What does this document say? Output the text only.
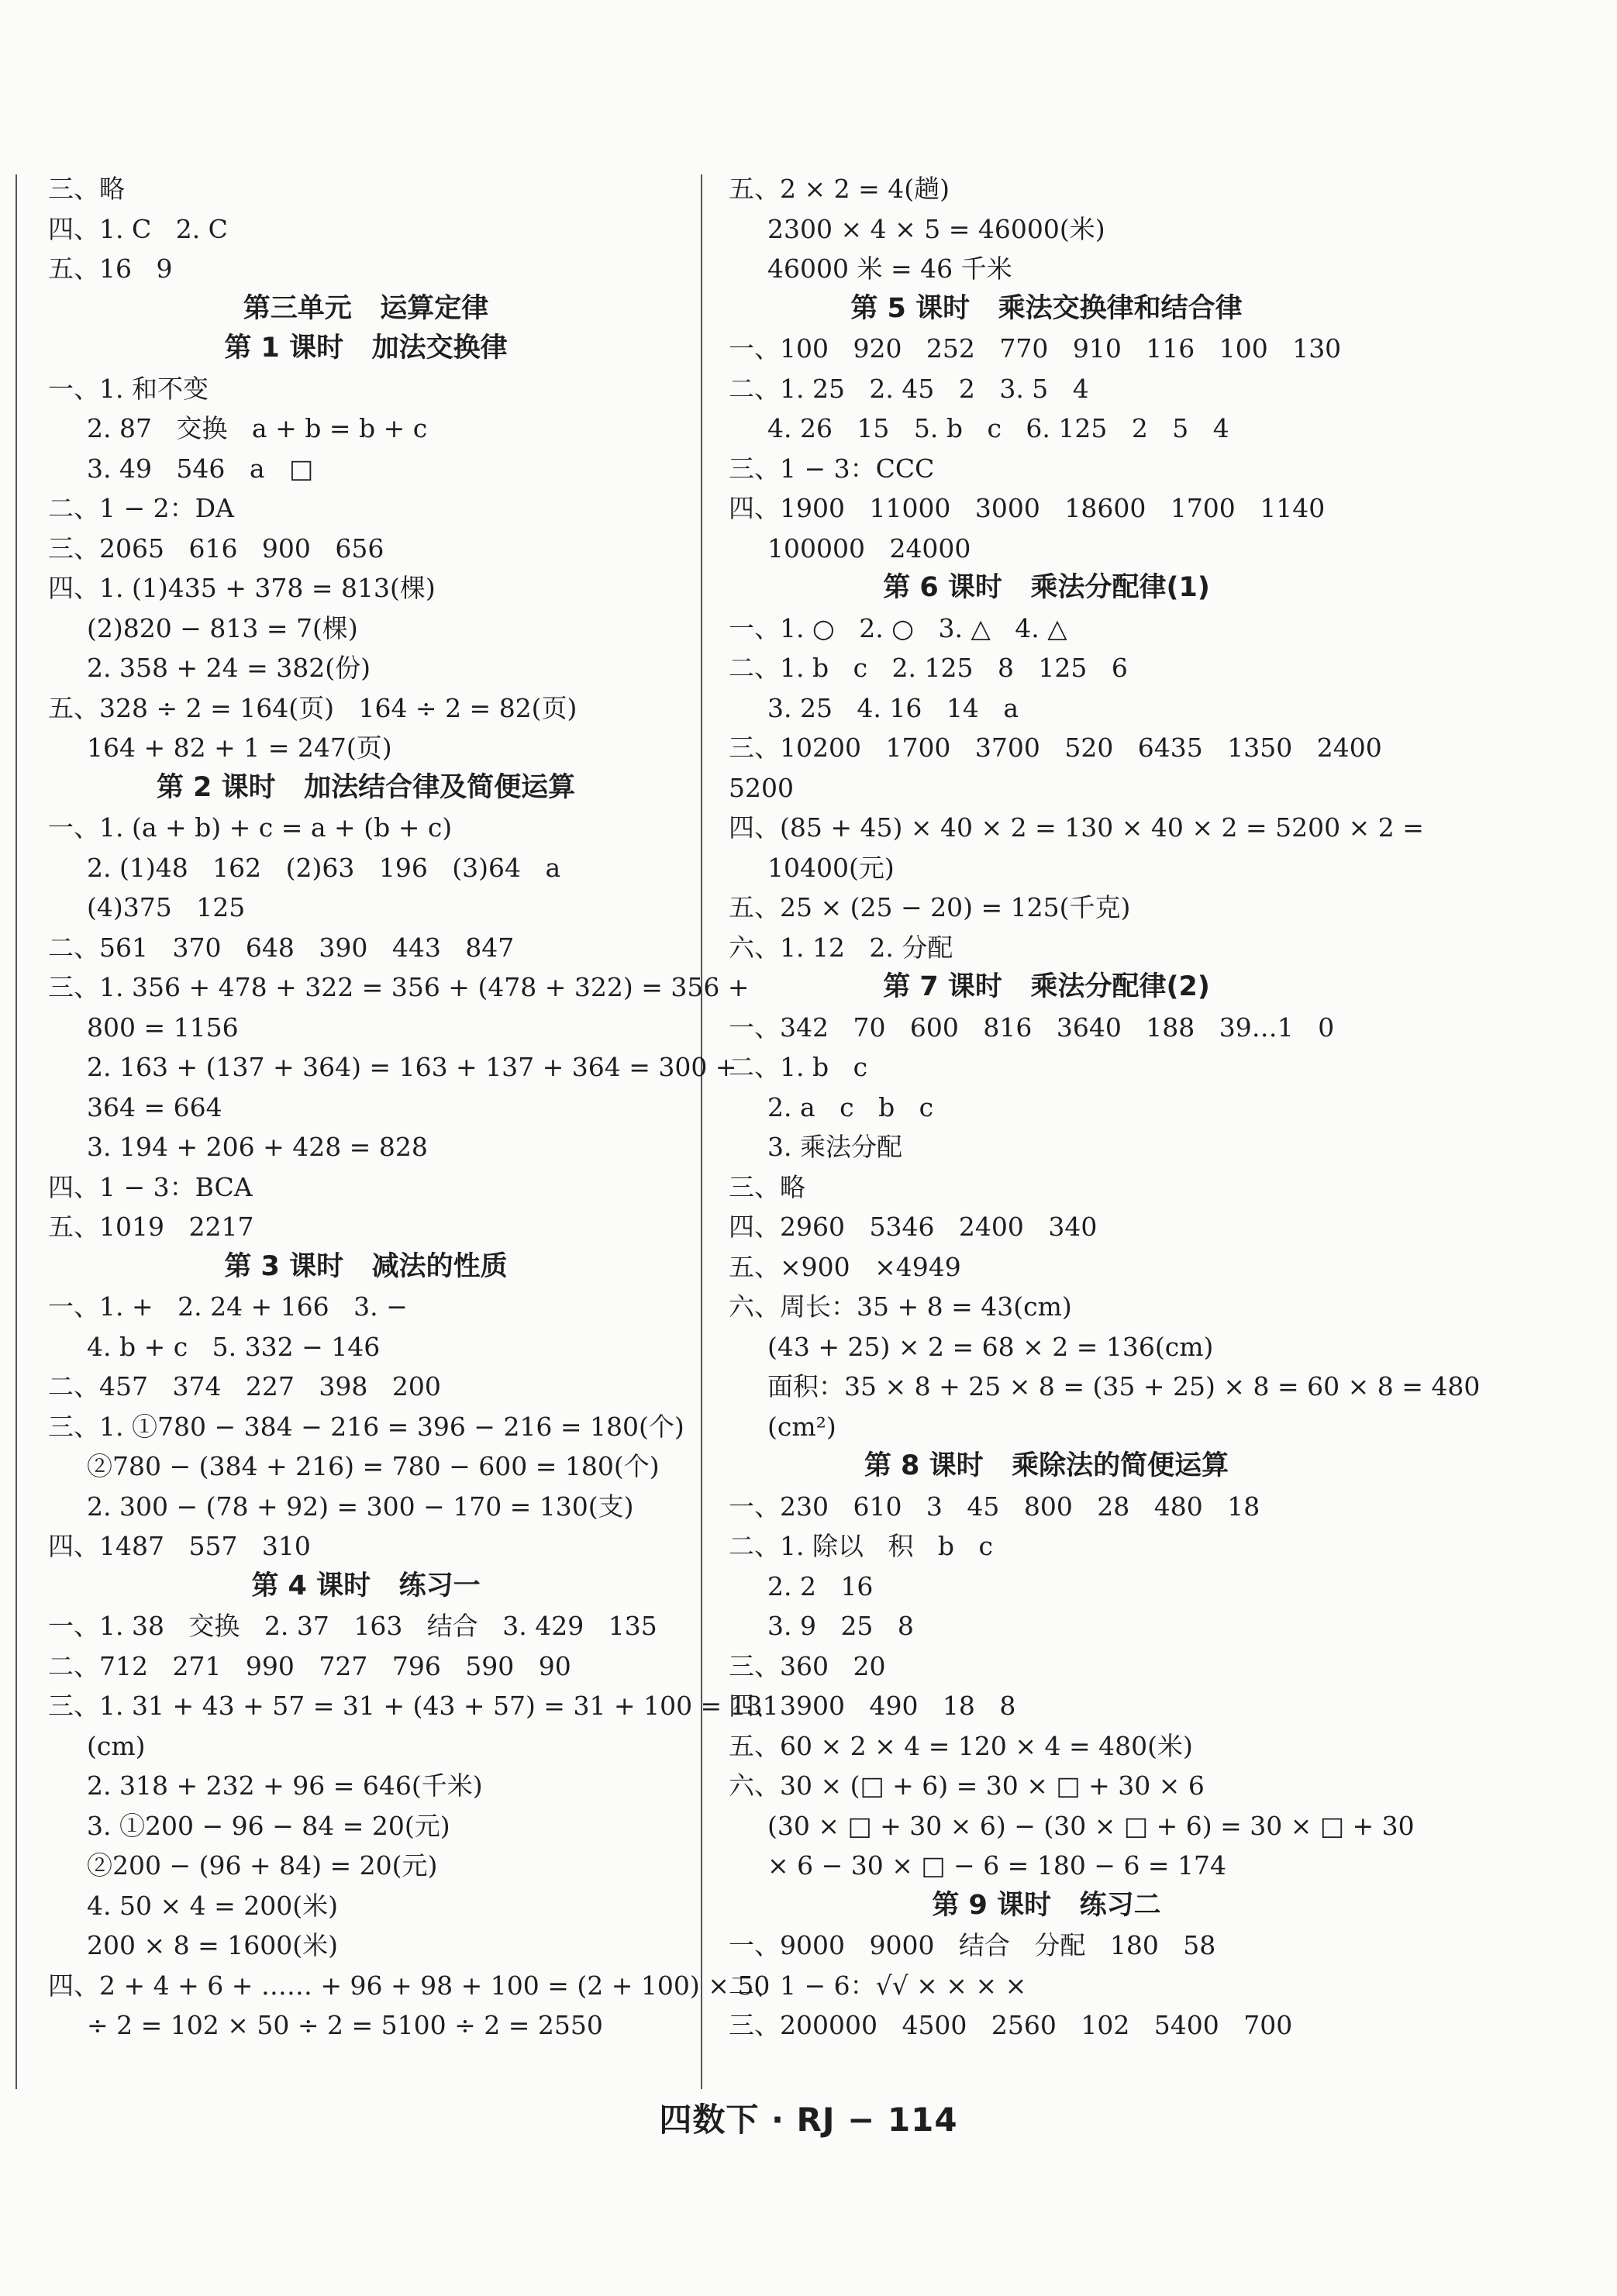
三、略
四、1. C   2. C
五、16   9
第三单元   运算定律
第 1 课时   加法交换律
一、1. 和不变
2. 87   交换   a + b = b + c
3. 49   546   a   □
二、1 − 2：DA
三、2065   616   900   656
四、1. (1)435 + 378 = 813(棵)
(2)820 − 813 = 7(棵)
2. 358 + 24 = 382(份)
五、328 ÷ 2 = 164(页)   164 ÷ 2 = 82(页)
164 + 82 + 1 = 247(页)
第 2 课时   加法结合律及简便运算
一、1. (a + b) + c = a + (b + c)
2. (1)48   162   (2)63   196   (3)64   a
(4)375   125
二、561   370   648   390   443   847
三、1. 356 + 478 + 322 = 356 + (478 + 322) = 356 +
800 = 1156
2. 163 + (137 + 364) = 163 + 137 + 364 = 300 +
364 = 664
3. 194 + 206 + 428 = 828
四、1 − 3：BCA
五、1019   2217
第 3 课时   减法的性质
一、1. +   2. 24 + 166   3. −
4. b + c   5. 332 − 146
二、457   374   227   398   200
三、1. ①780 − 384 − 216 = 396 − 216 = 180(个)
②780 − (384 + 216) = 780 − 600 = 180(个)
2. 300 − (78 + 92) = 300 − 170 = 130(支)
四、1487   557   310
第 4 课时   练习一
一、1. 38   交换   2. 37   163   结合   3. 429   135
二、712   271   990   727   796   590   90
三、1. 31 + 43 + 57 = 31 + (43 + 57) = 31 + 100 = 131
(cm)
2. 318 + 232 + 96 = 646(千米)
3. ①200 − 96 − 84 = 20(元)
②200 − (96 + 84) = 20(元)
4. 50 × 4 = 200(米)
200 × 8 = 1600(米)
四、2 + 4 + 6 + …… + 96 + 98 + 100 = (2 + 100) × 50
÷ 2 = 102 × 50 ÷ 2 = 5100 ÷ 2 = 2550
五、2 × 2 = 4(趟)
2300 × 4 × 5 = 46000(米)
46000 米 = 46 千米
第 5 课时   乘法交换律和结合律
一、100   920   252   770   910   116   100   130
二、1. 25   2. 45   2   3. 5   4
4. 26   15   5. b   c   6. 125   2   5   4
三、1 − 3：CCC
四、1900   11000   3000   18600   1700   1140
100000   24000
第 6 课时   乘法分配律(1)
一、1. ○   2. ○   3. △   4. △
二、1. b   c   2. 125   8   125   6
3. 25   4. 16   14   a
三、10200   1700   3700   520   6435   1350   2400
5200
四、(85 + 45) × 40 × 2 = 130 × 40 × 2 = 5200 × 2 =
10400(元)
五、25 × (25 − 20) = 125(千克)
六、1. 12   2. 分配
第 7 课时   乘法分配律(2)
一、342   70   600   816   3640   188   39…1   0
二、1. b   c
2. a   c   b   c
3. 乘法分配
三、略
四、2960   5346   2400   340
五、×900   ×4949
六、周长：35 + 8 = 43(cm)
(43 + 25) × 2 = 68 × 2 = 136(cm)
面积：35 × 8 + 25 × 8 = (35 + 25) × 8 = 60 × 8 = 480
(cm²)
第 8 课时   乘除法的简便运算
一、230   610   3   45   800   28   480   18
二、1. 除以   积   b   c
2. 2   16
3. 9   25   8
三、360   20
四、3900   490   18   8
五、60 × 2 × 4 = 120 × 4 = 480(米)
六、30 × (□ + 6) = 30 × □ + 30 × 6
(30 × □ + 30 × 6) − (30 × □ + 6) = 30 × □ + 30
× 6 − 30 × □ − 6 = 180 − 6 = 174
第 9 课时   练习二
一、9000   9000   结合   分配   180   58
二、1 − 6：√√ × × × ×
三、200000   4500   2560   102   5400   700
四数下 · RJ − 114
